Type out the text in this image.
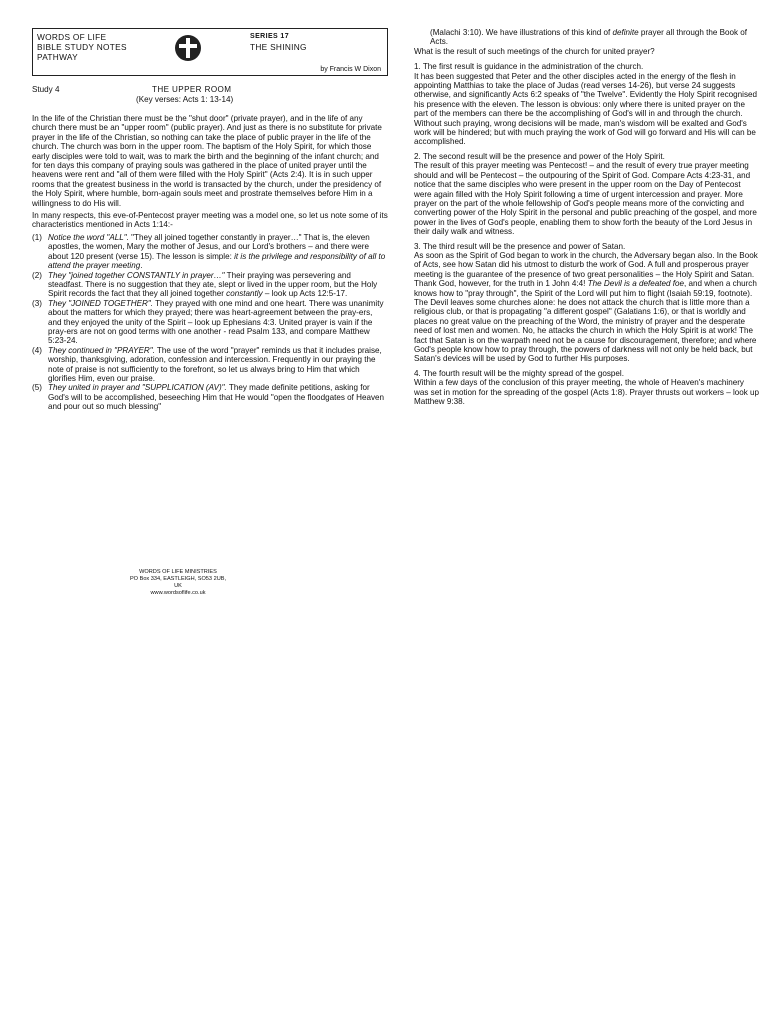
WORDS OF LIFE
BIBLE STUDY NOTES
PATHWAY
SERIES 17
THE SHINING
by Francis W Dixon
Study 4	THE UPPER ROOM
(Key verses: Acts 1: 13-14)

In the life of the Christian there must be the "shut door" (private prayer), and in the life of any church there must be an "upper room" (public prayer). And just as there is no substitute for private prayer in the life of the Christian, so nothing can take the place of public prayer in the life of the church. The church was born in the upper room. The baptism of the Holy Spirit, for which those early disciples were told to wait, was to mark the birth and the beginning of the infant church; and for ten days this company of praying souls was gathered in the place of united prayer until the heavens were rent and "all of them were filled with the Holy Spirit" (Acts 2:4). It is in such upper rooms that the greatest business in the world is transacted by the church, under the presidency of the Holy Spirit, where humble, born-again souls meet and prostrate themselves before Him in a willingness to do His will.

In many respects, this eve-of-Pentecost prayer meeting was a model one, so let us note some of its characteristics mentioned in Acts 1:14:-

(1) Notice the word "ALL". "They all joined together constantly in prayer…" That is, the eleven apostles, the women, Mary the mother of Jesus, and our Lord's brothers – and there were about 120 present (verse 15). The lesson is simple: it is the privilege and responsibility of all to attend the prayer meeting.
(2) They "joined together CONSTANTLY in prayer…" Their praying was persevering and steadfast. There is no suggestion that they ate, slept or lived in the upper room, but the Holy Spirit records the fact that they all joined together constantly – look up Acts 12:5-17.
(3) They "JOINED TOGETHER". They prayed with one mind and one heart. There was unanimity about the matters for which they prayed; there was heart-agreement between the pray-ers, and they enjoyed the unity of the Spirit – look up Ephesians 4:3. United prayer is vain if the pray-ers are not on good terms with one another - read Psalm 133, and compare Matthew 5:23-24.
(4) They continued in "PRAYER". The use of the word "prayer" reminds us that it includes praise, worship, thanksgiving, adoration, confession and intercession. Frequently in our praying the note of praise is not sufficiently to the forefront, so let us always bring to Him that which glorifies Him, even our praise.
(5) They united in prayer and "SUPPLICATION (AV)". They made definite petitions, asking for God's will to be accomplished, beseeching Him that He would "open the floodgates of Heaven and pour out so much blessing"
WORDS OF LIFE MINISTRIES
PO Box 334, EASTLEIGH, SO53 2UB, UK
www.wordsoflife.co.uk

(Malachi 3:10). We have illustrations of this kind of definite prayer all through the Book of Acts.

What is the result of such meetings of the church for united prayer?

1. The first result is guidance in the administration of the church.
It has been suggested that Peter and the other disciples acted in the energy of the flesh in appointing Matthias to take the place of Judas (read verses 14-26), but verse 24 suggests otherwise, and significantly Acts 6:2 speaks of "the Twelve". Evidently the Holy Spirit recognised his presence with the eleven. The lesson is obvious: only where there is united prayer on the part of the members can there be the accomplishing of God's will in and through the church. Without such praying, wrong decisions will be made, man's wisdom will be exalted and God's work will be hindered; but with much praying the work of God will go forward and His will can be accomplished.
2. The second result will be the presence and power of the Holy Spirit.
The result of this prayer meeting was Pentecost! – and the result of every true prayer meeting should and will be Pentecost – the outpouring of the Spirit of God. Compare Acts 4:23-31, and notice that the same disciples who were present in the upper room on the Day of Pentecost were again filled with the Holy Spirit following a time of urgent intercession and prayer. More prayer on the part of the whole fellowship of God's people means more of the convicting and converting power of the Holy Spirit in the personal and public preaching of the gospel, and more power in the lives of God's people, enabling them to show forth the beauty of the Lord Jesus in their daily walk and witness.
3. The third result will be the presence and power of Satan.
As soon as the Spirit of God began to work in the church, the Adversary began also. In the Book of Acts, see how Satan did his utmost to disturb the work of God. A full and prosperous prayer meeting is the guarantee of the presence of two great personalities – the Holy Spirit and Satan. Thank God, however, for the truth in 1 John 4:4! The Devil is a defeated foe, and when a church knows how to "pray through", the Spirit of the Lord will put him to flight (Isaiah 59:19, footnote). The Devil leaves some churches alone: he does not attack the church that is little more than a religious club, or that is propagating "a different gospel" (Galatians 1:6), or that is worldly and places no great value on the preaching of the Word, the ministry of prayer and the desperate need of lost men and women. No, he attacks the church in which the Holy Spirit is at work! The fact that Satan is on the warpath need not be a cause for discouragement, therefore; and where God's people know how to pray through, the powers of darkness will not only be held back, but Satan's devices will be used by God to further His purposes.
4. The fourth result will be the mighty spread of the gospel.
Within a few days of the conclusion of this prayer meeting, the whole of Heaven's machinery was set in motion for the spreading of the gospel (Acts 1:8). Prayer thrusts out workers – look up Matthew 9:38.
